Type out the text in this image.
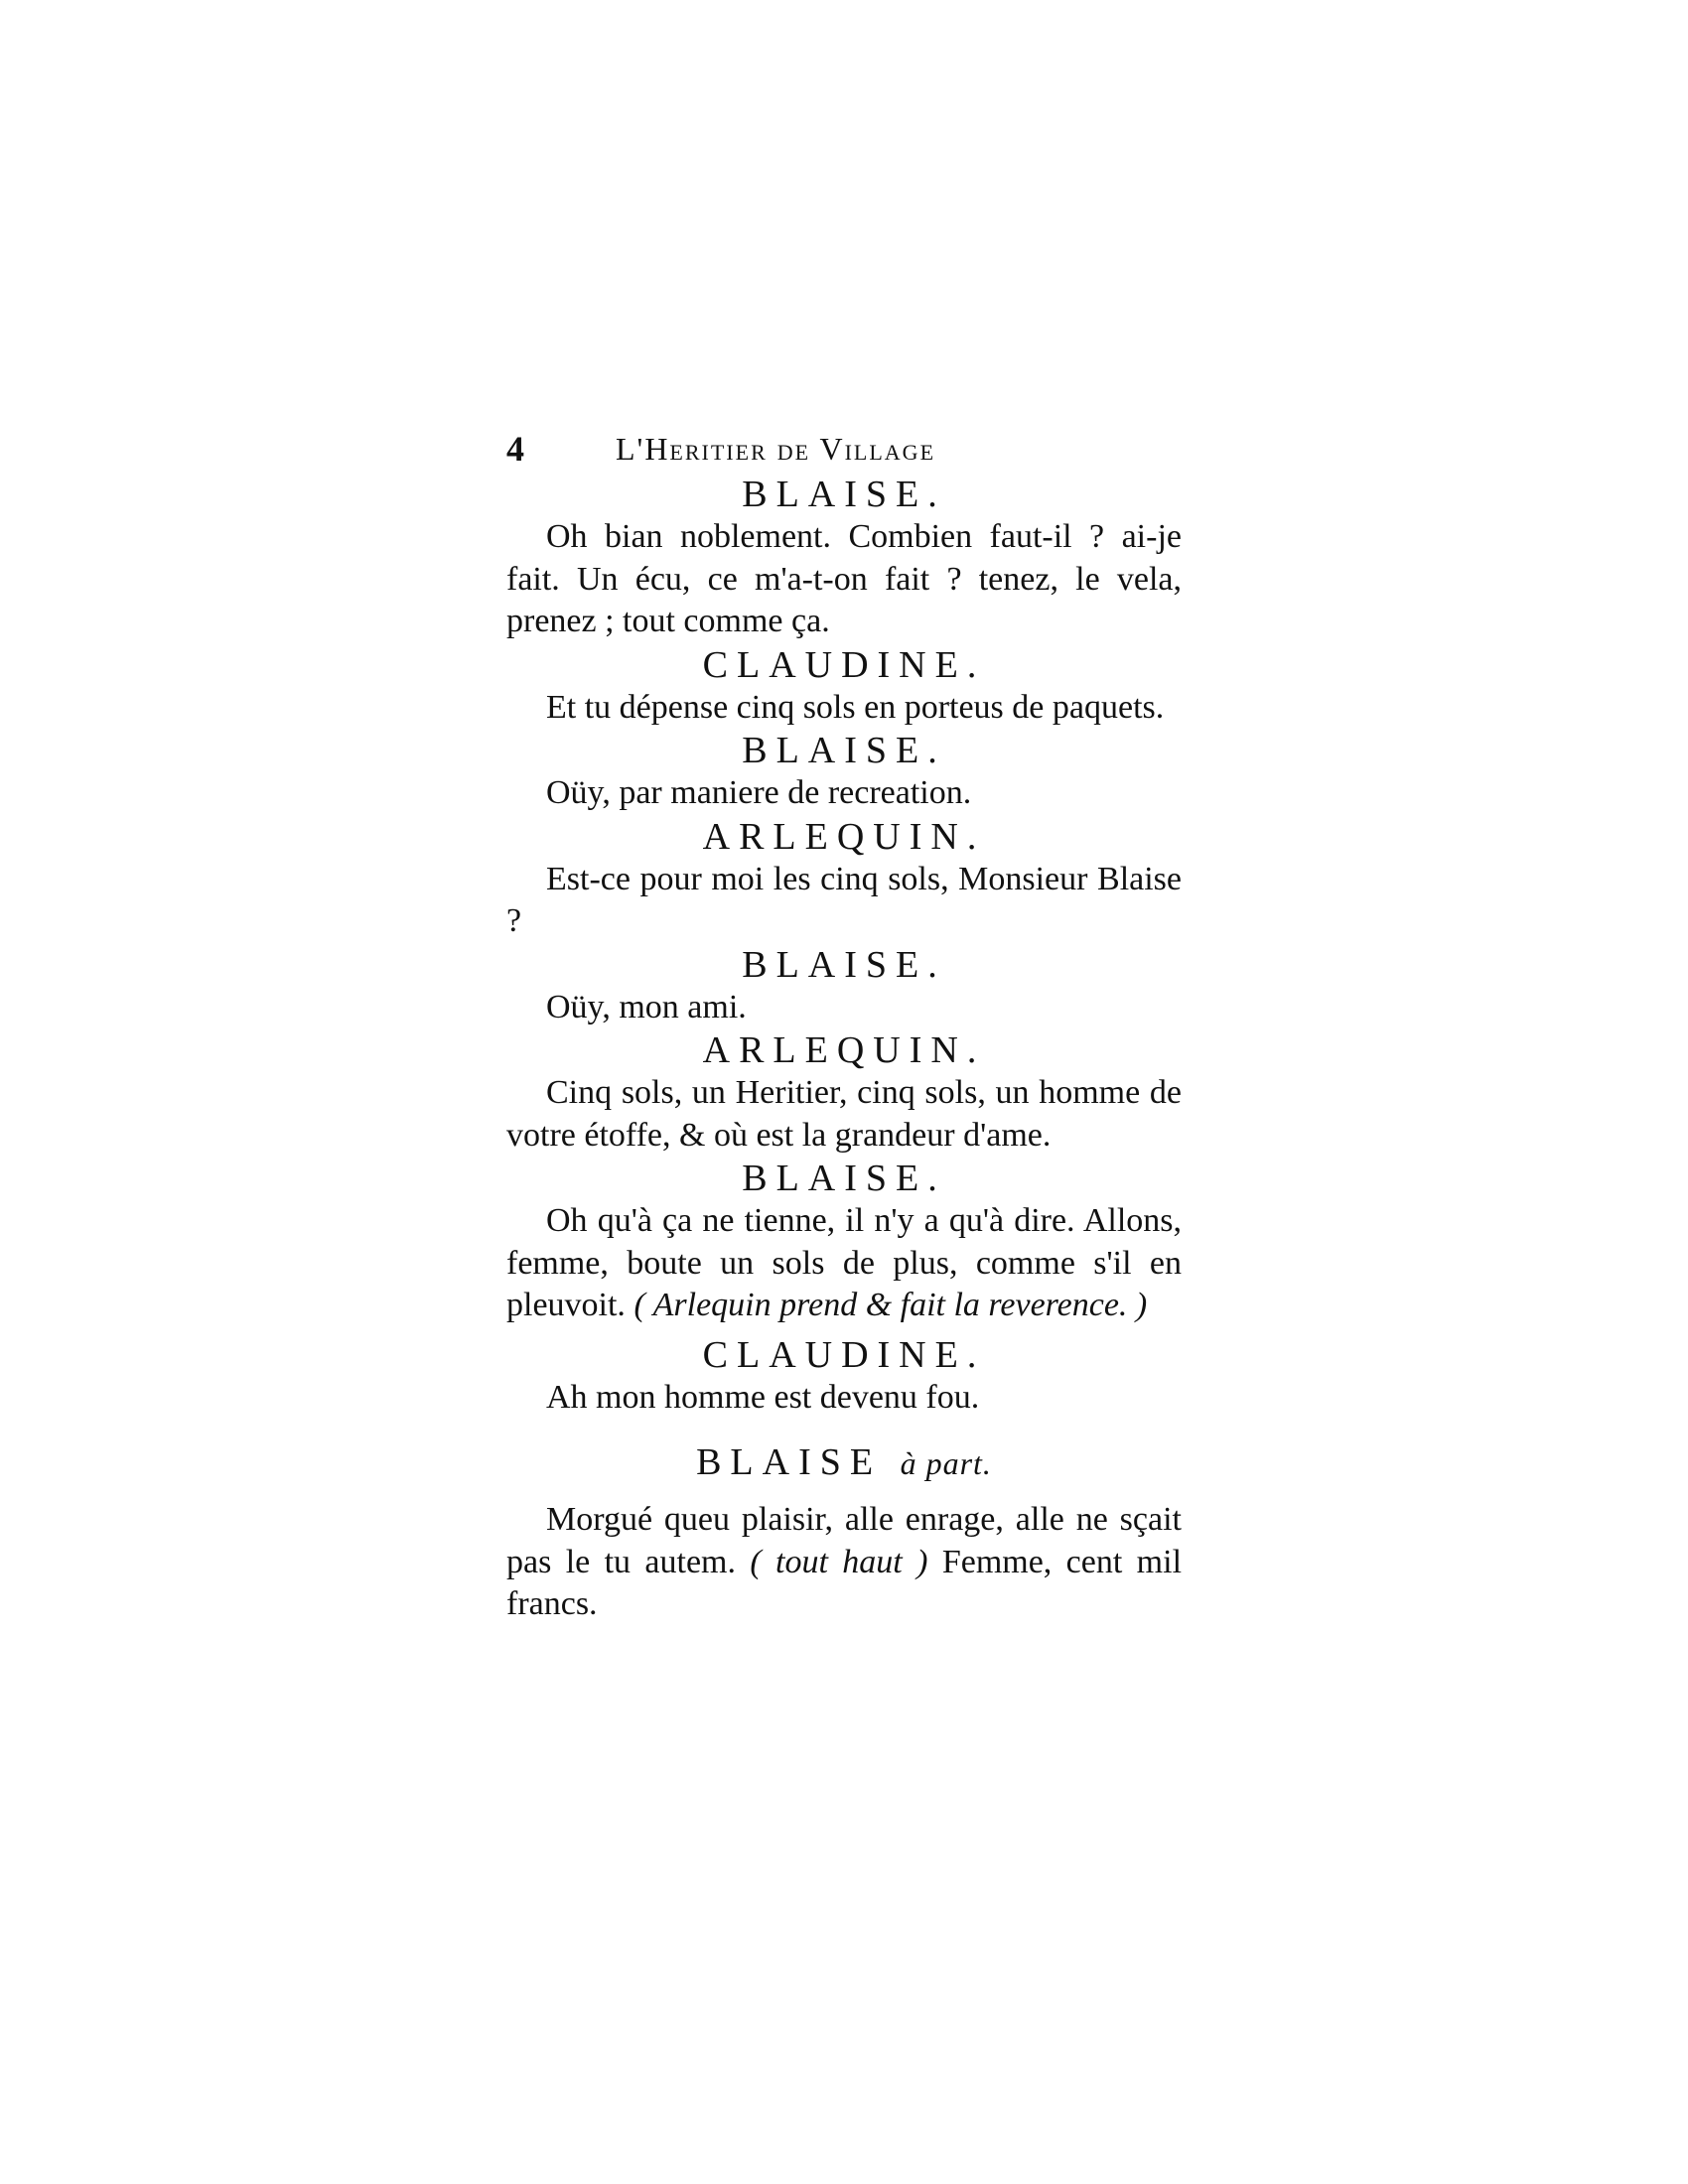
4	L'Heritier de Village
BLAISE.

Oh bian noblement. Combien faut-il ? ai-je fait. Un écu, ce m'a-t-on fait ? tenez, le vela, prenez ; tout comme ça.

CLAUDINE.

Et tu dépense cinq sols en porteus de paquets.

BLAISE.

Oüy, par maniere de recreation.

ARLEQUIN.

Est-ce pour moi les cinq sols, Monsieur Blaise ?

BLAISE.

Oüy, mon ami.

ARLEQUIN.

Cinq sols, un Heritier, cinq sols, un homme de votre étoffe, & où est la grandeur d'ame.

BLAISE.

Oh qu'à ça ne tienne, il n'y a qu'à dire. Allons, femme, boute un sols de plus, comme s'il en pleuvoit. ( Arlequin prend & fait la reverence. )

CLAUDINE.

Ah mon homme est devenu fou.

BLAISE à part.

Morgué queu plaisir, alle enrage, alle ne sçait pas le tu autem. ( tout haut ) Femme, cent mil francs.
